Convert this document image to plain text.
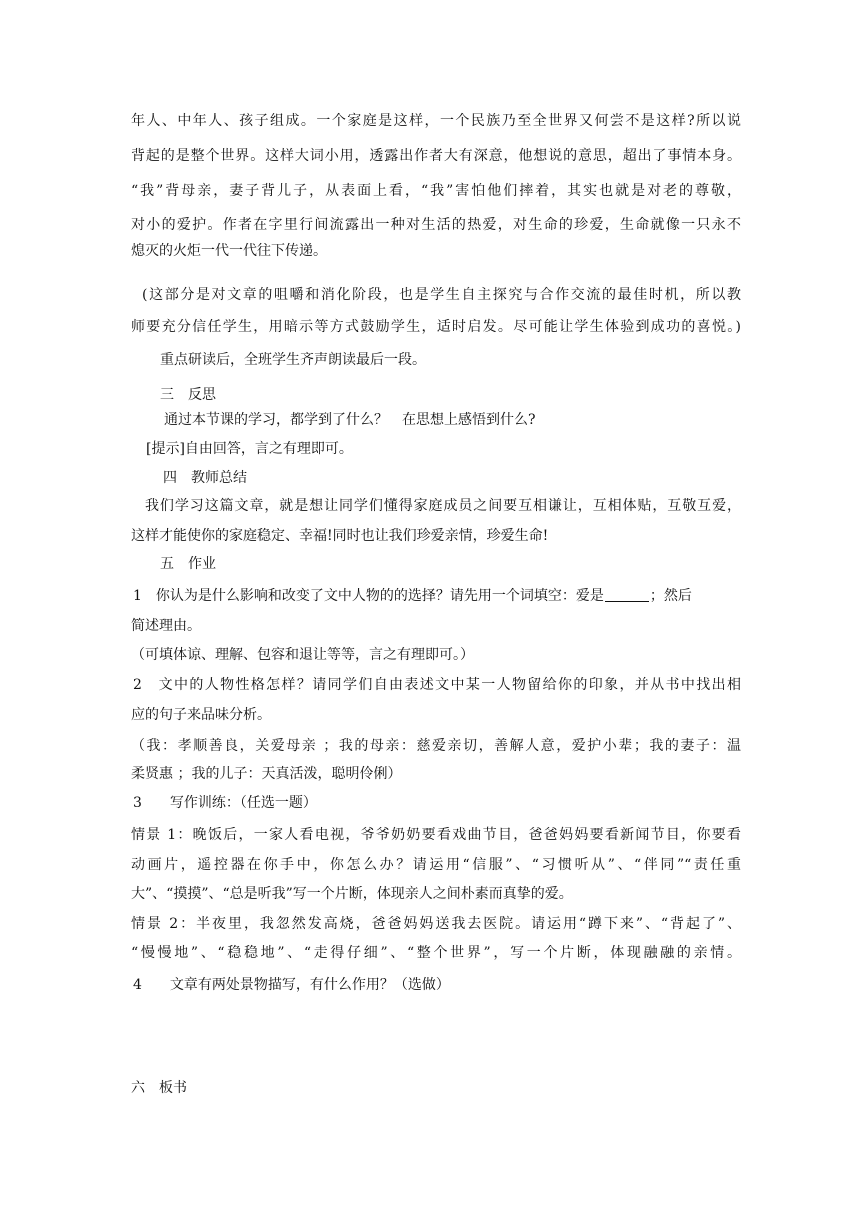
年人、中年人、孩子组成。一个家庭是这样，一个民族乃至全世界又何尝不是这样?所以说

背起的是整个世界。这样大词小用，透露出作者大有深意，他想说的意思，超出了事情本身。

“我”背母亲，妻子背儿子，从表面上看，“我”害怕他们摔着，其实也就是对老的尊敬，

对小的爱护。作者在字里行间流露出一种对生活的热爱，对生命的珍爱，生命就像一只永不

熄灭的火炬一代一代往下传递。

(这部分是对文章的咀嚼和消化阶段，也是学生自主探究与合作交流的最佳时机，所以教

师要充分信任学生，用暗示等方式鼓励学生，适时启发。尽可能让学生体验到成功的喜悦。)

重点研读后，全班学生齐声朗读最后一段。

三　反思

通过本节课的学习，都学到了什么？　在思想上感悟到什么?

[提示]自由回答，言之有理即可。

四　教师总结

我们学习这篇文章，就是想让同学们懂得家庭成员之间要互相谦让，互相体贴，互敬互爱，

这样才能使你的家庭稳定、幸福!同时也让我们珍爱亲情，珍爱生命!

五　作业

1　你认为是什么影响和改变了文中人物的的选择？请先用一个词填空：爱是	；然后

简述理由。

（可填体谅、理解、包容和退让等等，言之有理即可。）

2　文中的人物性格怎样？请同学们自由表述文中某一人物留给你的印象，并从书中找出相

应的句子来品味分析。

（我：孝顺善良，关爱母亲 ；我的母亲：慈爱亲切，善解人意，爱护小辈；我的妻子：温

柔贤惠 ；我的儿子：天真活泼，聪明伶俐）

3　　写作训练：（任选一题）

情景 1：晚饭后，一家人看电视，爷爷奶奶要看戏曲节目，爸爸妈妈要看新闻节目，你要看

动画片，遥控器在你手中，你怎么办？请运用“信服”、“习惯听从”、“伴同”“责任重

大”、“摸摸”、“总是听我”写一个片断，体现亲人之间朴素而真挚的爱。

情景 2：半夜里，我忽然发高烧，爸爸妈妈送我去医院。请运用“蹲下来”、“背起了”、

“慢慢地”、“稳稳地”、“走得仔细”、“整个世界”，写一个片断，体现融融的亲情。

4　　文章有两处景物描写，有什么作用？（选做）

六　板书
